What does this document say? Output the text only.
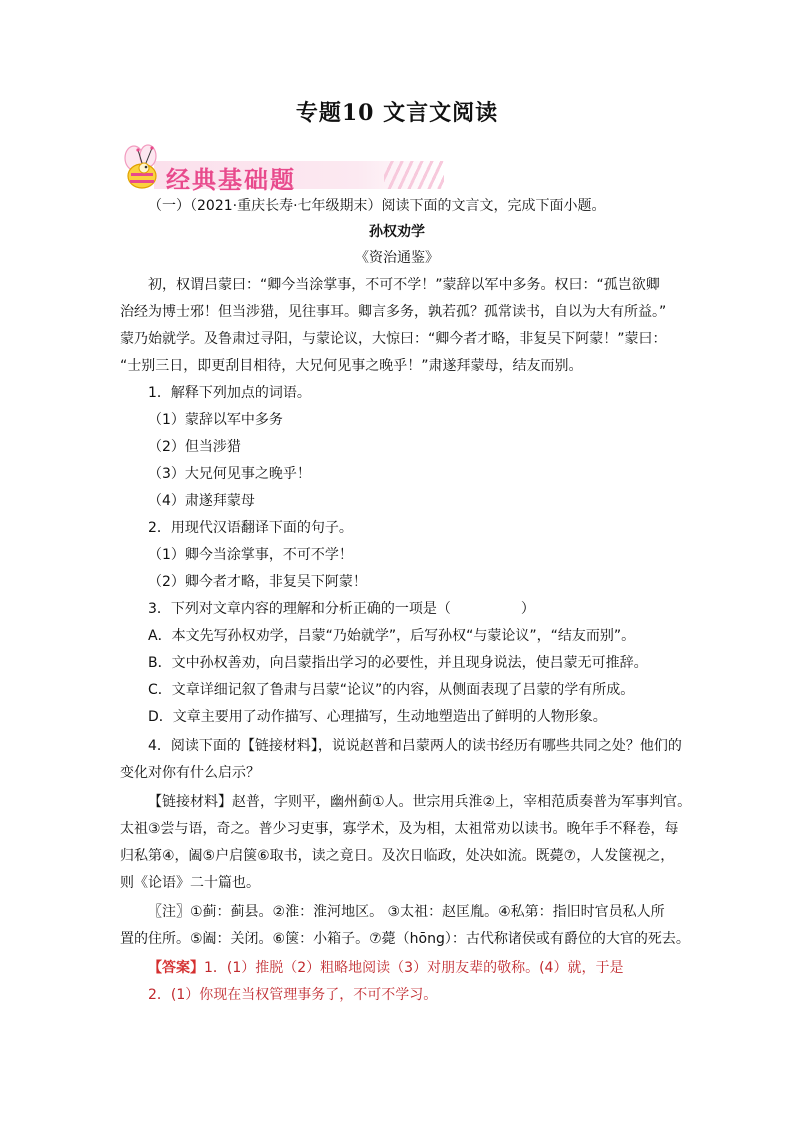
专题10 文言文阅读
经典基础题
（一）（2021·重庆长寿·七年级期末）阅读下面的文言文，完成下面小题。
孙权劝学
《资治通鉴》
初，权谓吕蒙曰：“卿今当涂掌事，不可不学！”蒙辞以军中多务。权曰：“孤岂欲卿
治经为博士邪！但当涉猎，见往事耳。卿言多务，孰若孤？孤常读书，自以为大有所益。”
蒙乃始就学。及鲁肃过寻阳，与蒙论议，大惊曰：“卿今者才略，非复吴下阿蒙！”蒙曰：
“士别三日，即更刮目相待，大兄何见事之晚乎！”肃遂拜蒙母，结友而别。
1．解释下列加点的词语。
（1）蒙辞以军中多务
（2）但当涉猎
（3）大兄何见事之晚乎！
（4）肃遂拜蒙母
2．用现代汉语翻译下面的句子。
（1）卿今当涂掌事，不可不学！
（2）卿今者才略，非复吴下阿蒙！
3．下列对文章内容的理解和分析正确的一项是（　　　　　）
A．本文先写孙权劝学，吕蒙“乃始就学”，后写孙权“与蒙论议”，“结友而别”。
B．文中孙权善劝，向吕蒙指出学习的必要性，并且现身说法，使吕蒙无可推辞。
C．文章详细记叙了鲁肃与吕蒙“论议”的内容，从侧面表现了吕蒙的学有所成。
D．文章主要用了动作描写、心理描写，生动地塑造出了鲜明的人物形象。
4．阅读下面的【链接材料】，说说赵普和吕蒙两人的读书经历有哪些共同之处？他们的
变化对你有什么启示？
【链接材料】赵普，字则平，幽州蓟①人。世宗用兵淮②上，宰相范质奏普为军事判官。
太祖③尝与语，奇之。普少习吏事，寡学术，及为相，太祖常劝以读书。晚年手不释卷，每
归私第④，阖⑤户启箧⑥取书，读之竟日。及次日临政，处决如流。既薨⑦，人发箧视之，
则《论语》二十篇也。
〖注〗①蓟：蓟县。②淮：淮河地区。 ③太祖：赵匡胤。④私第：指旧时官员私人所
置的住所。⑤阖：关闭。⑥箧：小箱子。⑦薨（hōng）：古代称诸侯或有爵位的大官的死去。
【答案】1．(1）推脱（2）粗略地阅读（3）对朋友辈的敬称。(4）就，于是
2．(1）你现在当权管理事务了，不可不学习。
